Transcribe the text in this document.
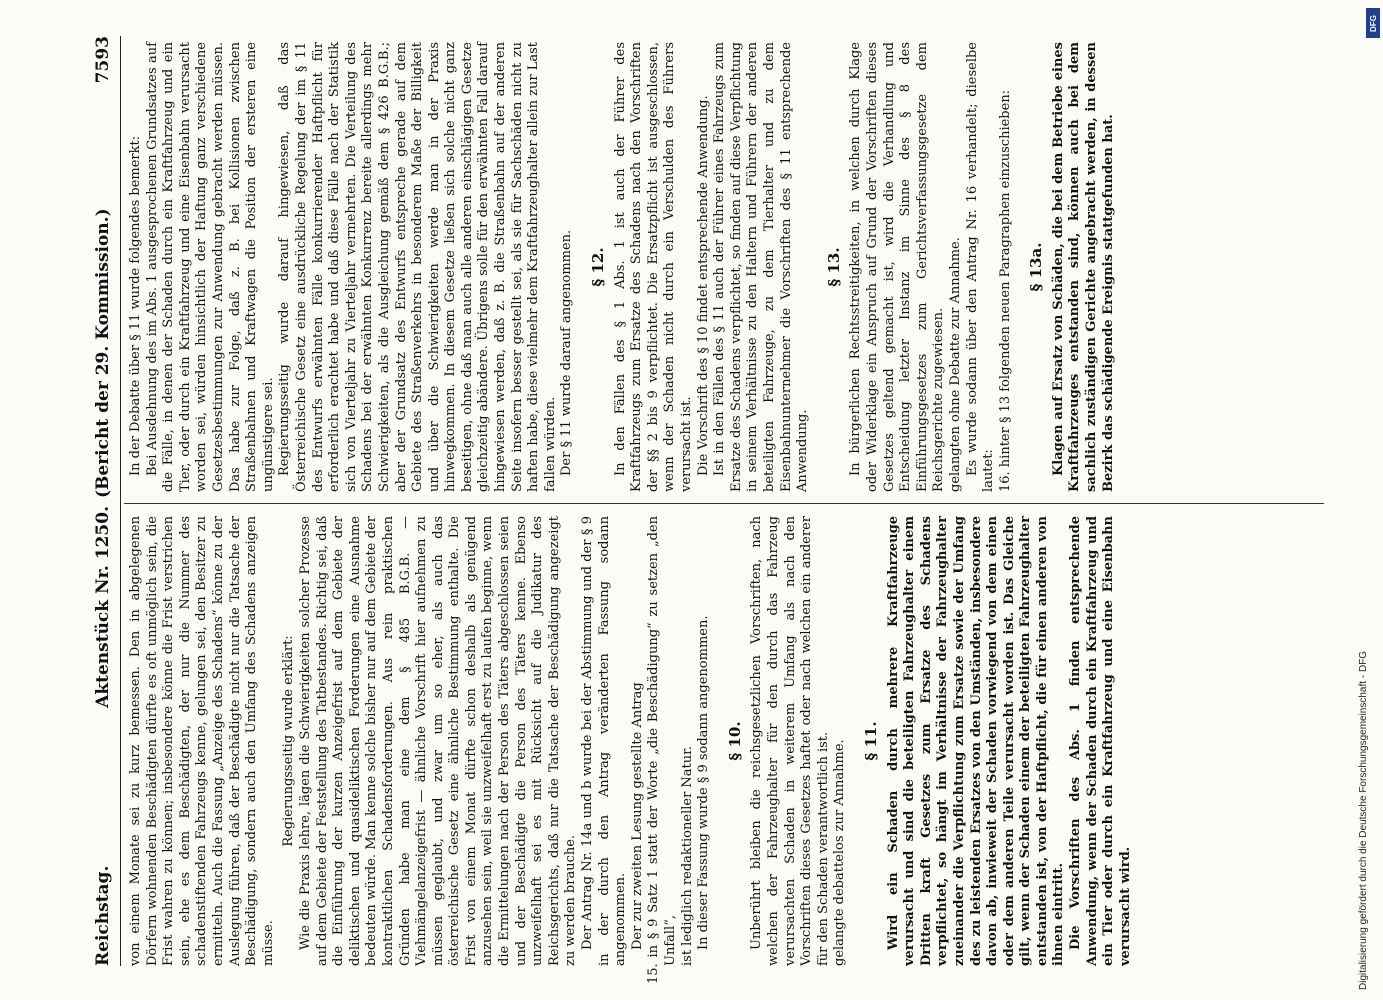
Reichstag.
Aktenstück Nr. 1250.
(Bericht der 29. Kommission.)
7593

von einem Monate sei zu kurz bemessen. Den in abgelegenen Dörfern wohnenden Beschädigten dürfte es oft unmöglich sein, die Frist wahren zu können; insbesondere könne die Frist verstrichen sein, ehe es dem Beschädigten, der nur die Nummer des schadenstiftenden Fahrzeugs kenne, gelungen sei, den Besitzer zu ermitteln. Auch die Fassung „Anzeige des Schadens“ könne zu der Auslegung führen, daß der Beschädigte nicht nur die Tatsache der Beschädigung, sondern auch den Umfang des Schadens anzeigen müsse.

Regierungsseitig wurde erklärt: Wie die Praxis lehre, lägen die Schwierigkeiten solcher Prozesse auf dem Gebiete der Feststellung des Tatbestandes. Richtig sei, daß die Einführung der kurzen Anzeigefrist auf dem Gebiete der deliktischen und quasideliktischen Forderungen eine Ausnahme bedeuten würde. Man kenne solche bisher nur auf dem Gebiete der kontraktlichen Schadensforderungen. Aus rein praktischen Gründen habe man eine dem § 485 B.G.B. — Viehmängelanzeigefrist — ähnliche Vorschrift hier aufnehmen zu müssen geglaubt, und zwar um so eher, als auch das österreichische Gesetz eine ähnliche Bestimmung enthalte. Die Frist von einem Monat dürfte schon deshalb als genügend anzusehen sein, weil sie unzweifelhaft erst zu laufen beginne, wenn die Ermittelungen nach der Person des Täters abgeschlossen seien und der Beschädigte die Person des Täters kenne. Ebenso unzweifelhaft sei es mit Rücksicht auf die Judikatur des Reichsgerichts, daß nur die Tatsache der Beschädigung angezeigt zu werden brauche. Der Antrag Nr. 14a und b wurde bei der Abstimmung und der § 9 in der durch den Antrag veränderten Fassung sodann angenommen. Der zur zweiten Lesung gestellte Antrag

15. in § 9 Satz 1 statt der Worte „die Beschädigung“ zu setzen „den Unfall“, ist lediglich redaktioneller Natur. In dieser Fassung wurde § 9 sodann angenommen. § 10. Unberührt bleiben die reichsgesetzlichen Vorschriften, nach welchen der Fahrzeughalter für den durch das Fahrzeug verursachten Schaden in weiterem Umfang als nach den Vorschriften dieses Gesetzes haftet oder nach welchen ein anderer für den Schaden verantwortlich ist. gelangte debattelos zur Annahme. § 11. Wird ein Schaden durch mehrere Kraftfahrzeuge verursacht und sind die beteiligten Fahrzeughalter einem Dritten kraft Gesetzes zum Ersatze des Schadens verpflichtet, so hängt im Verhältnisse der Fahrzeughalter zueinander die Verpflichtung zum Ersatze sowie der Umfang des zu leistenden Ersatzes von den Umständen, insbesondere davon ab, inwieweit der Schaden vorwiegend von dem einen oder dem anderen Teile verursacht worden ist. Das Gleiche gilt, wenn der Schaden einem der beteiligten Fahrzeughalter entstanden ist, von der Haftpflicht, die für einen anderen von ihnen eintritt. Die Vorschriften des Abs. 1 finden entsprechende Anwendung, wenn der Schaden durch ein Kraftfahrzeug und ein Tier oder durch ein Kraftfahrzeug und eine Eisenbahn verursacht wird.

In der Debatte über § 11 wurde folgendes bemerkt: Bei Ausdehnung des im Abs. 1 ausgesprochenen Grundsatzes auf die Fälle, in denen der Schaden durch ein Kraftfahrzeug und ein Tier, oder durch ein Kraftfahrzeug und eine Eisenbahn verursacht worden sei, würden hinsichtlich der Haftung ganz verschiedene Gesetzesbestimmungen zur Anwendung gebracht werden müssen. Das habe zur Folge, daß z. B. bei Kollisionen zwischen Straßenbahnen und Kraftwagen die Position der ersteren eine ungünstigere sei. Regierungsseitig wurde darauf hingewiesen, daß das Österreichische Gesetz eine ausdrückliche Regelung der im § 11 des Entwurfs erwähnten Fälle konkurrierender Haftpflicht für erforderlich erachtet habe und daß diese Fälle nach der Statistik sich von Vierteljahr zu Vierteljahr vermehrten. Die Verteilung des Schadens bei der erwähnten Konkurrenz bereite allerdings mehr Schwierigkeiten, als die Ausgleichung gemäß dem § 426 B.G.B.; aber der Grundsatz des Entwurfs entspreche gerade auf dem Gebiete des Straßenverkehrs in besonderem Maße der Billigkeit und über die Schwierigkeiten werde man in der Praxis hinwegkommen. In diesem Gesetze ließen sich solche nicht ganz beseitigen, ohne daß man auch alle anderen einschlägigen Gesetze gleichzeitig abändere. Übrigens solle für den erwähnten Fall darauf hingewiesen werden, daß z. B. die Straßenbahn auf der anderen Seite insofern besser gestellt sei, als sie für Sachschäden nicht zu haften habe, diese vielmehr dem Kraftfahrzeughalter allein zur Last fallen würden. Der § 11 wurde darauf angenommen. § 12. In den Fällen des § 1 Abs. 1 ist auch der Führer des Kraftfahrzeugs zum Ersatze des Schadens nach den Vorschriften der §§ 2 bis 9 verpflichtet. Die Ersatzpflicht ist ausgeschlossen, wenn der Schaden nicht durch ein Verschulden des Führers verursacht ist. Die Vorschrift des § 10 findet entsprechende Anwendung. Ist in den Fällen des § 11 auch der Führer eines Fahrzeugs zum Ersatze des Schadens verpflichtet, so finden auf diese Verpflichtung in seinem Verhältnisse zu den Haltern und Führern der anderen beteiligten Fahrzeuge, zu dem Tierhalter und zu dem Eisenbahnunternehmer die Vorschriften des § 11 entsprechende Anwendung.

§ 13. In bürgerlichen Rechtsstreitigkeiten, in welchen durch Klage oder Widerklage ein Anspruch auf Grund der Vorschriften dieses Gesetzes geltend gemacht ist, wird die Verhandlung und Entscheidung letzter Instanz im Sinne des § 8 des Einführungsgesetzes zum Gerichtsverfassungsgesetze dem Reichsgerichte zugewiesen. gelangten ohne Debatte zur Annahme. Es wurde sodann über den Antrag Nr. 16 verhandelt; dieselbe lautet: 16. hinter § 13 folgenden neuen Paragraphen einzuschieben: § 13a. Klagen auf Ersatz von Schäden, die bei dem Betriebe eines Kraftfahrzeuges entstanden sind, können auch bei dem sachlich zuständigen Gerichte angebracht werden, in dessen Bezirk das schädigende Ereignis stattgefunden hat.

Digitalisierung gefördert durch die Deutsche Forschungsgemeinschaft - DFG
DFG
